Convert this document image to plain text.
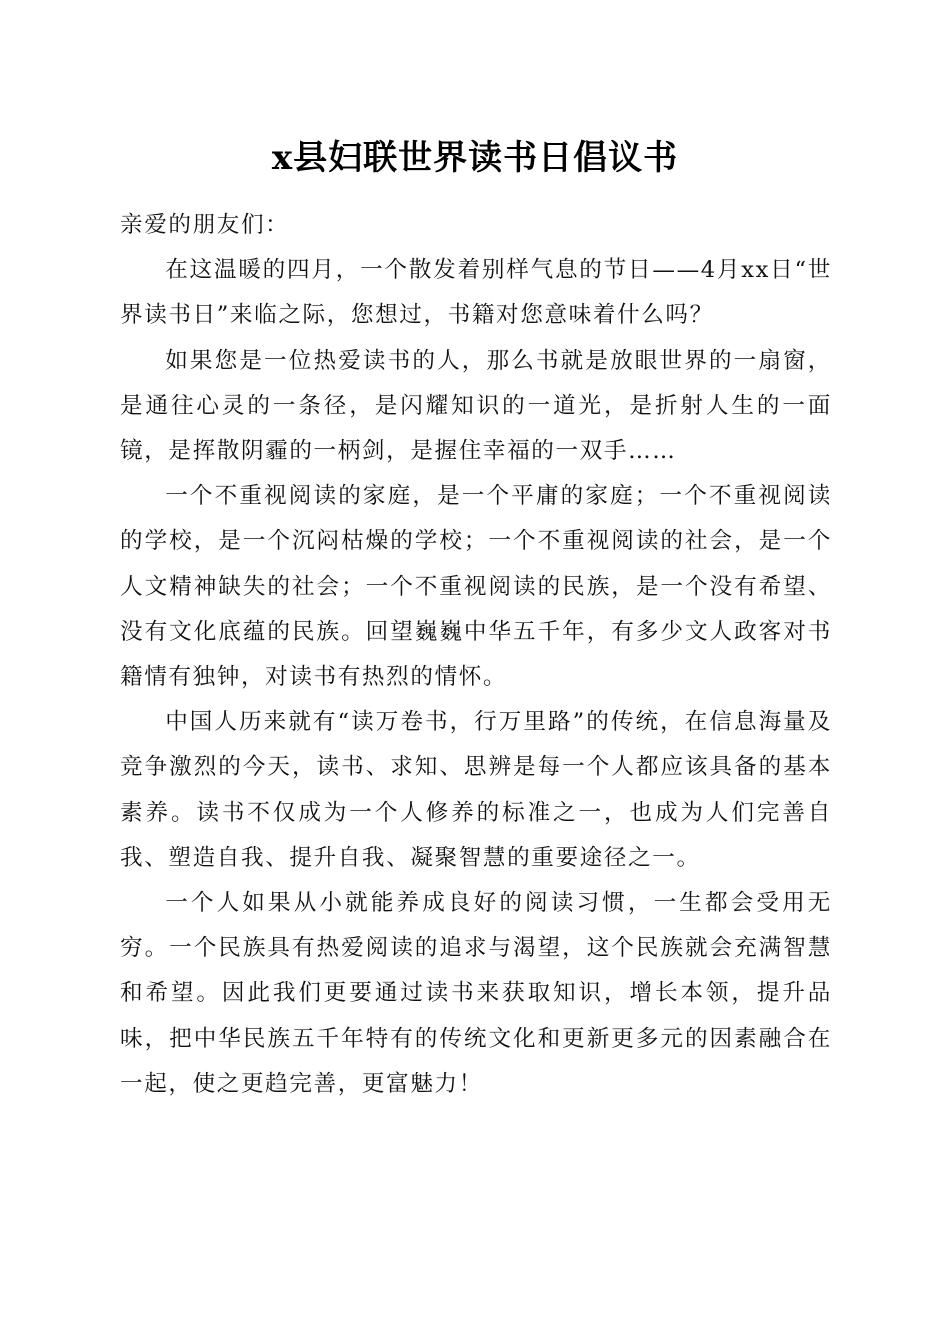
x县妇联世界读书日倡议书

亲爱的朋友们：

在这温暖的四月，一个散发着别样气息的节日——4月xx日“世界读书日”来临之际，您想过，书籍对您意味着什么吗？

如果您是一位热爱读书的人，那么书就是放眼世界的一扇窗，是通往心灵的一条径，是闪耀知识的一道光，是折射人生的一面镜，是挥散阴霾的一柄剑，是握住幸福的一双手……

一个不重视阅读的家庭，是一个平庸的家庭；一个不重视阅读的学校，是一个沉闷枯燥的学校；一个不重视阅读的社会，是一个人文精神缺失的社会；一个不重视阅读的民族，是一个没有希望、没有文化底蕴的民族。回望巍巍中华五千年，有多少文人政客对书籍情有独钟，对读书有热烈的情怀。

中国人历来就有“读万卷书，行万里路”的传统，在信息海量及竞争激烈的今天，读书、求知、思辨是每一个人都应该具备的基本素养。读书不仅成为一个人修养的标准之一，也成为人们完善自我、塑造自我、提升自我、凝聚智慧的重要途径之一。

一个人如果从小就能养成良好的阅读习惯，一生都会受用无穷。一个民族具有热爱阅读的追求与渴望，这个民族就会充满智慧和希望。因此我们更要通过读书来获取知识，增长本领，提升品味，把中华民族五千年特有的传统文化和更新更多元的因素融合在一起，使之更趋完善，更富魅力！
